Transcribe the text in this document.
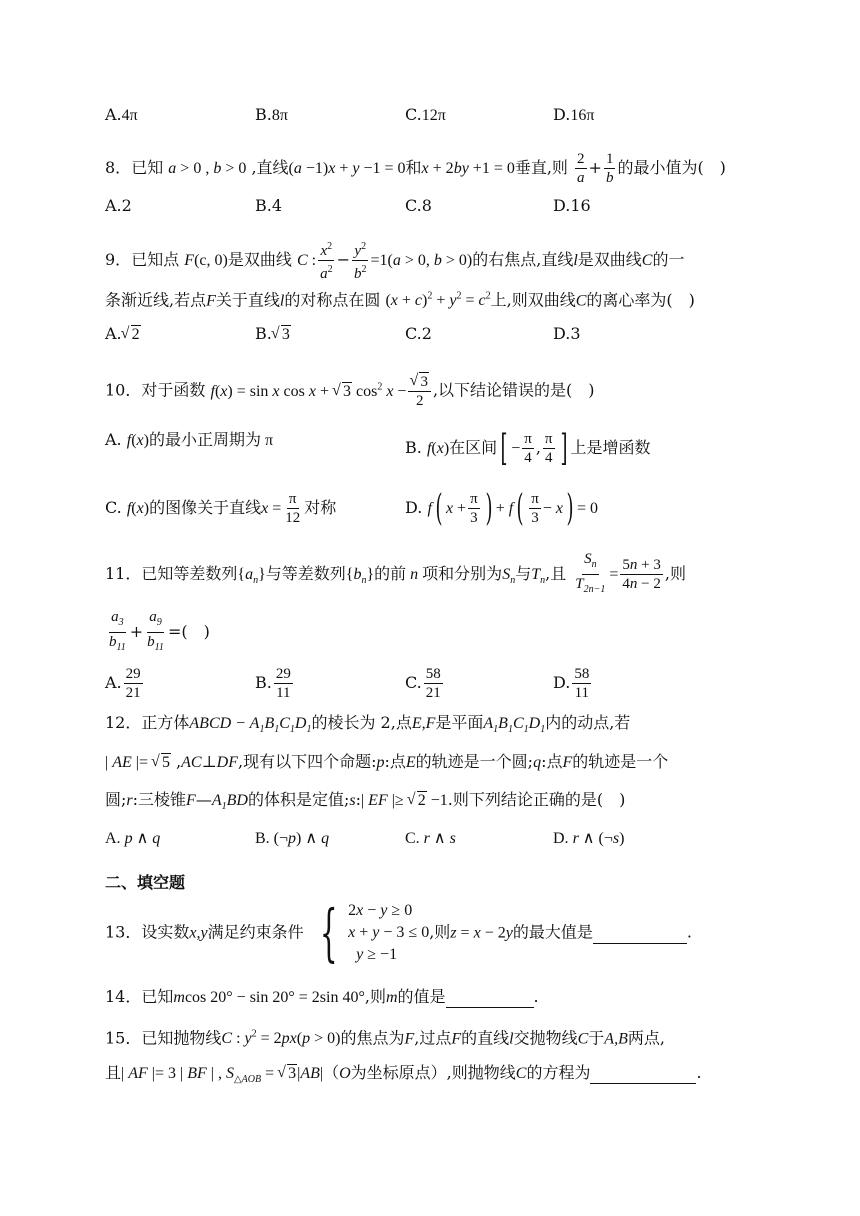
A.4π	B.8π	C.12π	D.16π
8．已知 a > 0 , b > 0 ,直线(a −1)x + y −1 = 0和x + 2by +1 = 0垂直,则 $\frac{2}{a} + \frac{1}{b}$ 的最小值为(　)
A.2	B.4	C.8	D.16
9．已知点 F(c, 0)是双曲线 C : $\frac{x^2}{a^2} - \frac{y^2}{b^2} =1(a > 0$, b > 0)的右焦点,直线l是双曲线C的一
条渐近线,若点F关于直线l的对称点在圆 $(x + c)^2 + y^2 = c^2$上,则双曲线C的离心率为(　)
A. √ 2	B. √ 3	C.2	D.3
10．对于函数 f(x) = sin x cos x + √ 3 $\cos^2 x$ − √ $\frac{3}{2}$ ,以下结论错误的是(　)
A. f(x)的最小正周期为 π	B. f(x)在区间[ − $\frac{\pi}{4}$ , $\frac{\pi}{4}$ ] 上是增函数
C. f(x)的图像关于直线$x = \frac{\pi}{12}$ 对称	D. f( $x + \frac{\pi}{3}$ ) + $f( \frac{\pi}{3} - x) = 0$
11．已知等差数列$\{a_n\}$与等差数列$\{b_n\}$的前 n 项和分别为$S_n$与$T_n$,且 $\frac{S_n}{T_{2n-1}} = \frac{5n + 3}{4n - 2}$ ,则
$\frac{a_3}{b_{11}} + \frac{a_9}{b_{11}}$ =(　)
A. $\frac{29}{21}$	B. $\frac{29}{11}$	C. $\frac{58}{21}$	D. $\frac{58}{11}$
12．正方体ABCD − $A_1B_1C_1D_1$的棱长为 2,点E,F是平面$A_1B_1C_1D_1$内的动点,若
| AE |= √ 5 ,AC⊥DF,现有以下四个命题:p:点E的轨迹是一个圆;q:点F的轨迹是一个
圆;r:三棱锥$F—A_1BD$的体积是定值;s:| EF |≥ √ 2 −1.则下列结论正确的是(　)
A. p ∧ q	B. (¬p) ∧ q	C. r ∧ s	D. r ∧ (¬s)
二、填空题
13．设实数x,y满足约束条件 { 2x − y ≥ 0
x + y − 3 ≤ 0
y ≥ −1
,则z = x − 2y的最大值是	.
14．已知mcos 20° − sin 20° = 2sin 40°,则m的值是	.
15．已知抛物线C : $y^2 = 2px(p > 0)$的焦点为F,过点F的直线l交抛物线C于A,B两点,
且| AF |= 3 | BF | , $S_{\triangle AOB}$ = √ 3|AB|（O为坐标原点）,则抛物线C的方程为	.
